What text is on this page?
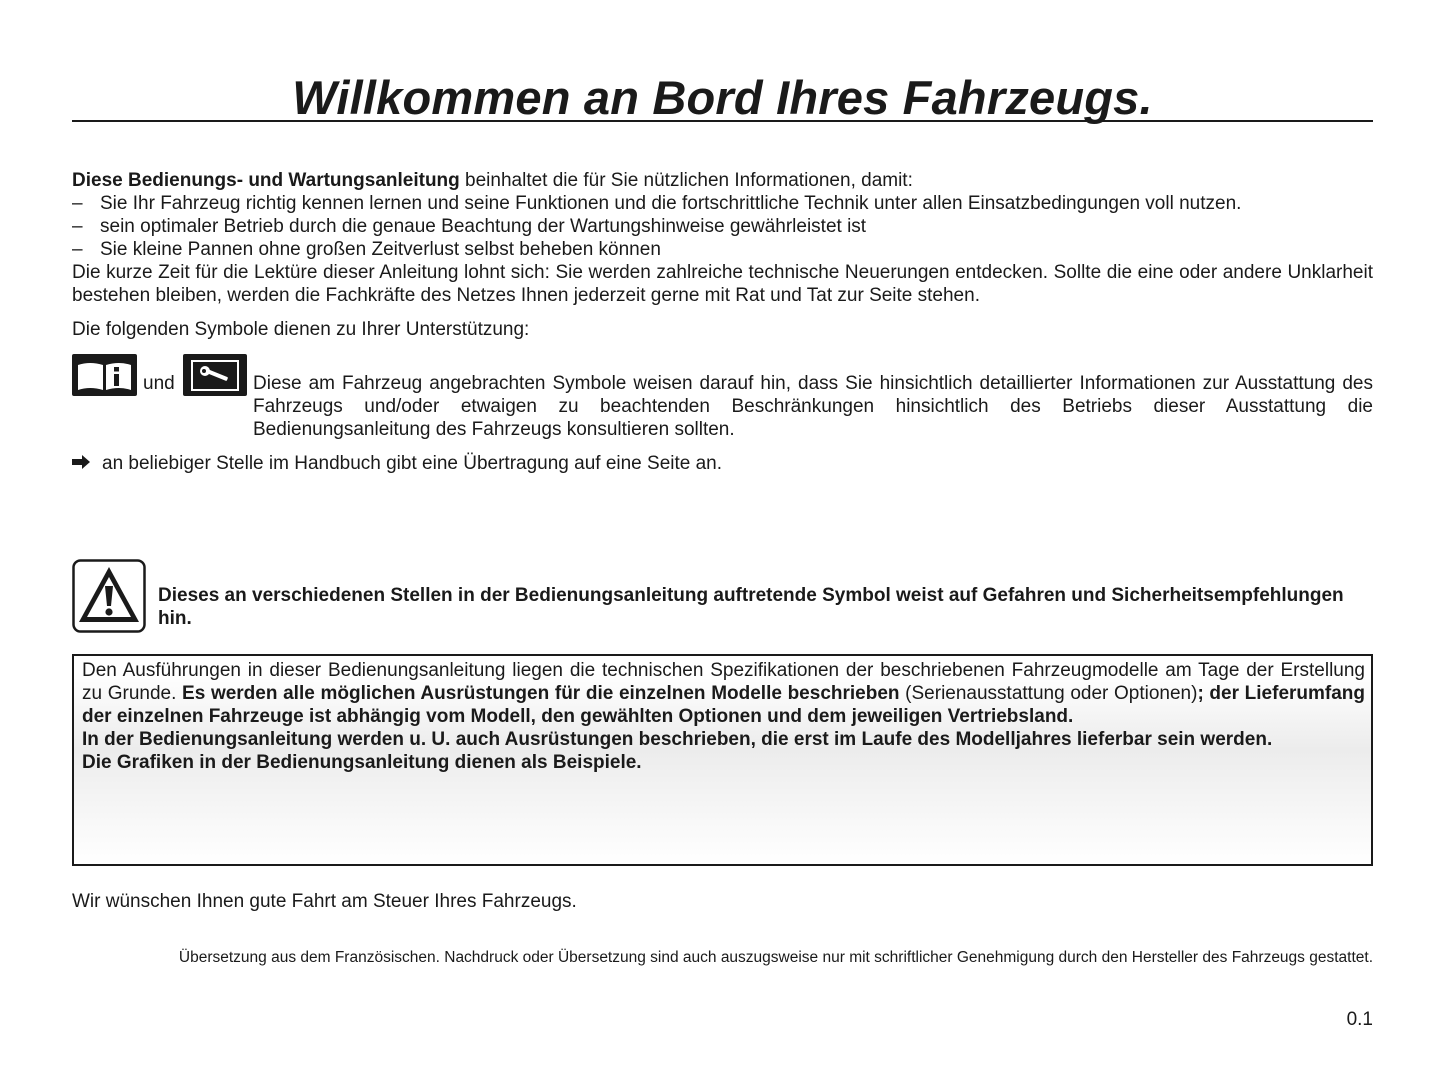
Willkommen an Bord Ihres Fahrzeugs.

Diese Bedienungs- und Wartungsanleitung beinhaltet die für Sie nützlichen Informationen, damit:

– Sie Ihr Fahrzeug richtig kennen lernen und seine Funktionen und die fortschrittliche Technik unter allen Einsatzbedingungen voll nutzen.

– sein optimaler Betrieb durch die genaue Beachtung der Wartungshinweise gewährleistet ist

– Sie kleine Pannen ohne großen Zeitverlust selbst beheben können

Die kurze Zeit für die Lektüre dieser Anleitung lohnt sich: Sie werden zahlreiche technische Neuerungen entdecken. Sollte die eine oder andere Unklarheit bestehen bleiben, werden die Fachkräfte des Netzes Ihnen jederzeit gerne mit Rat und Tat zur Seite stehen.

Die folgenden Symbole dienen zu Ihrer Unterstützung:

und	Diese am Fahrzeug angebrachten Symbole weisen darauf hin, dass Sie hinsichtlich detaillierter Informationen zur Ausstattung des Fahrzeugs und/oder etwaigen zu beachtenden Beschränkungen hinsichtlich des Betriebs dieser Ausstattung die Bedienungsanleitung des Fahrzeugs konsultieren sollten.

an beliebiger Stelle im Handbuch gibt eine Übertragung auf eine Seite an.

Dieses an verschiedenen Stellen in der Bedienungsanleitung auftretende Symbol weist auf Gefahren und Sicherheitsempfehlungen hin.

Den Ausführungen in dieser Bedienungsanleitung liegen die technischen Spezifikationen der beschriebenen Fahrzeugmodelle am Tage der Erstellung zu Grunde. Es werden alle möglichen Ausrüstungen für die einzelnen Modelle beschrieben (Serienausstattung oder Optionen); der Lieferumfang der einzelnen Fahrzeuge ist abhängig vom Modell, den gewählten Optionen und dem jeweiligen Vertriebsland.
In der Bedienungsanleitung werden u. U. auch Ausrüstungen beschrieben, die erst im Laufe des Modelljahres lieferbar sein werden.
Die Grafiken in der Bedienungsanleitung dienen als Beispiele.

Wir wünschen Ihnen gute Fahrt am Steuer Ihres Fahrzeugs.

Übersetzung aus dem Französischen. Nachdruck oder Übersetzung sind auch auszugsweise nur mit schriftlicher Genehmigung durch den Hersteller des Fahrzeugs gestattet.
0.1
